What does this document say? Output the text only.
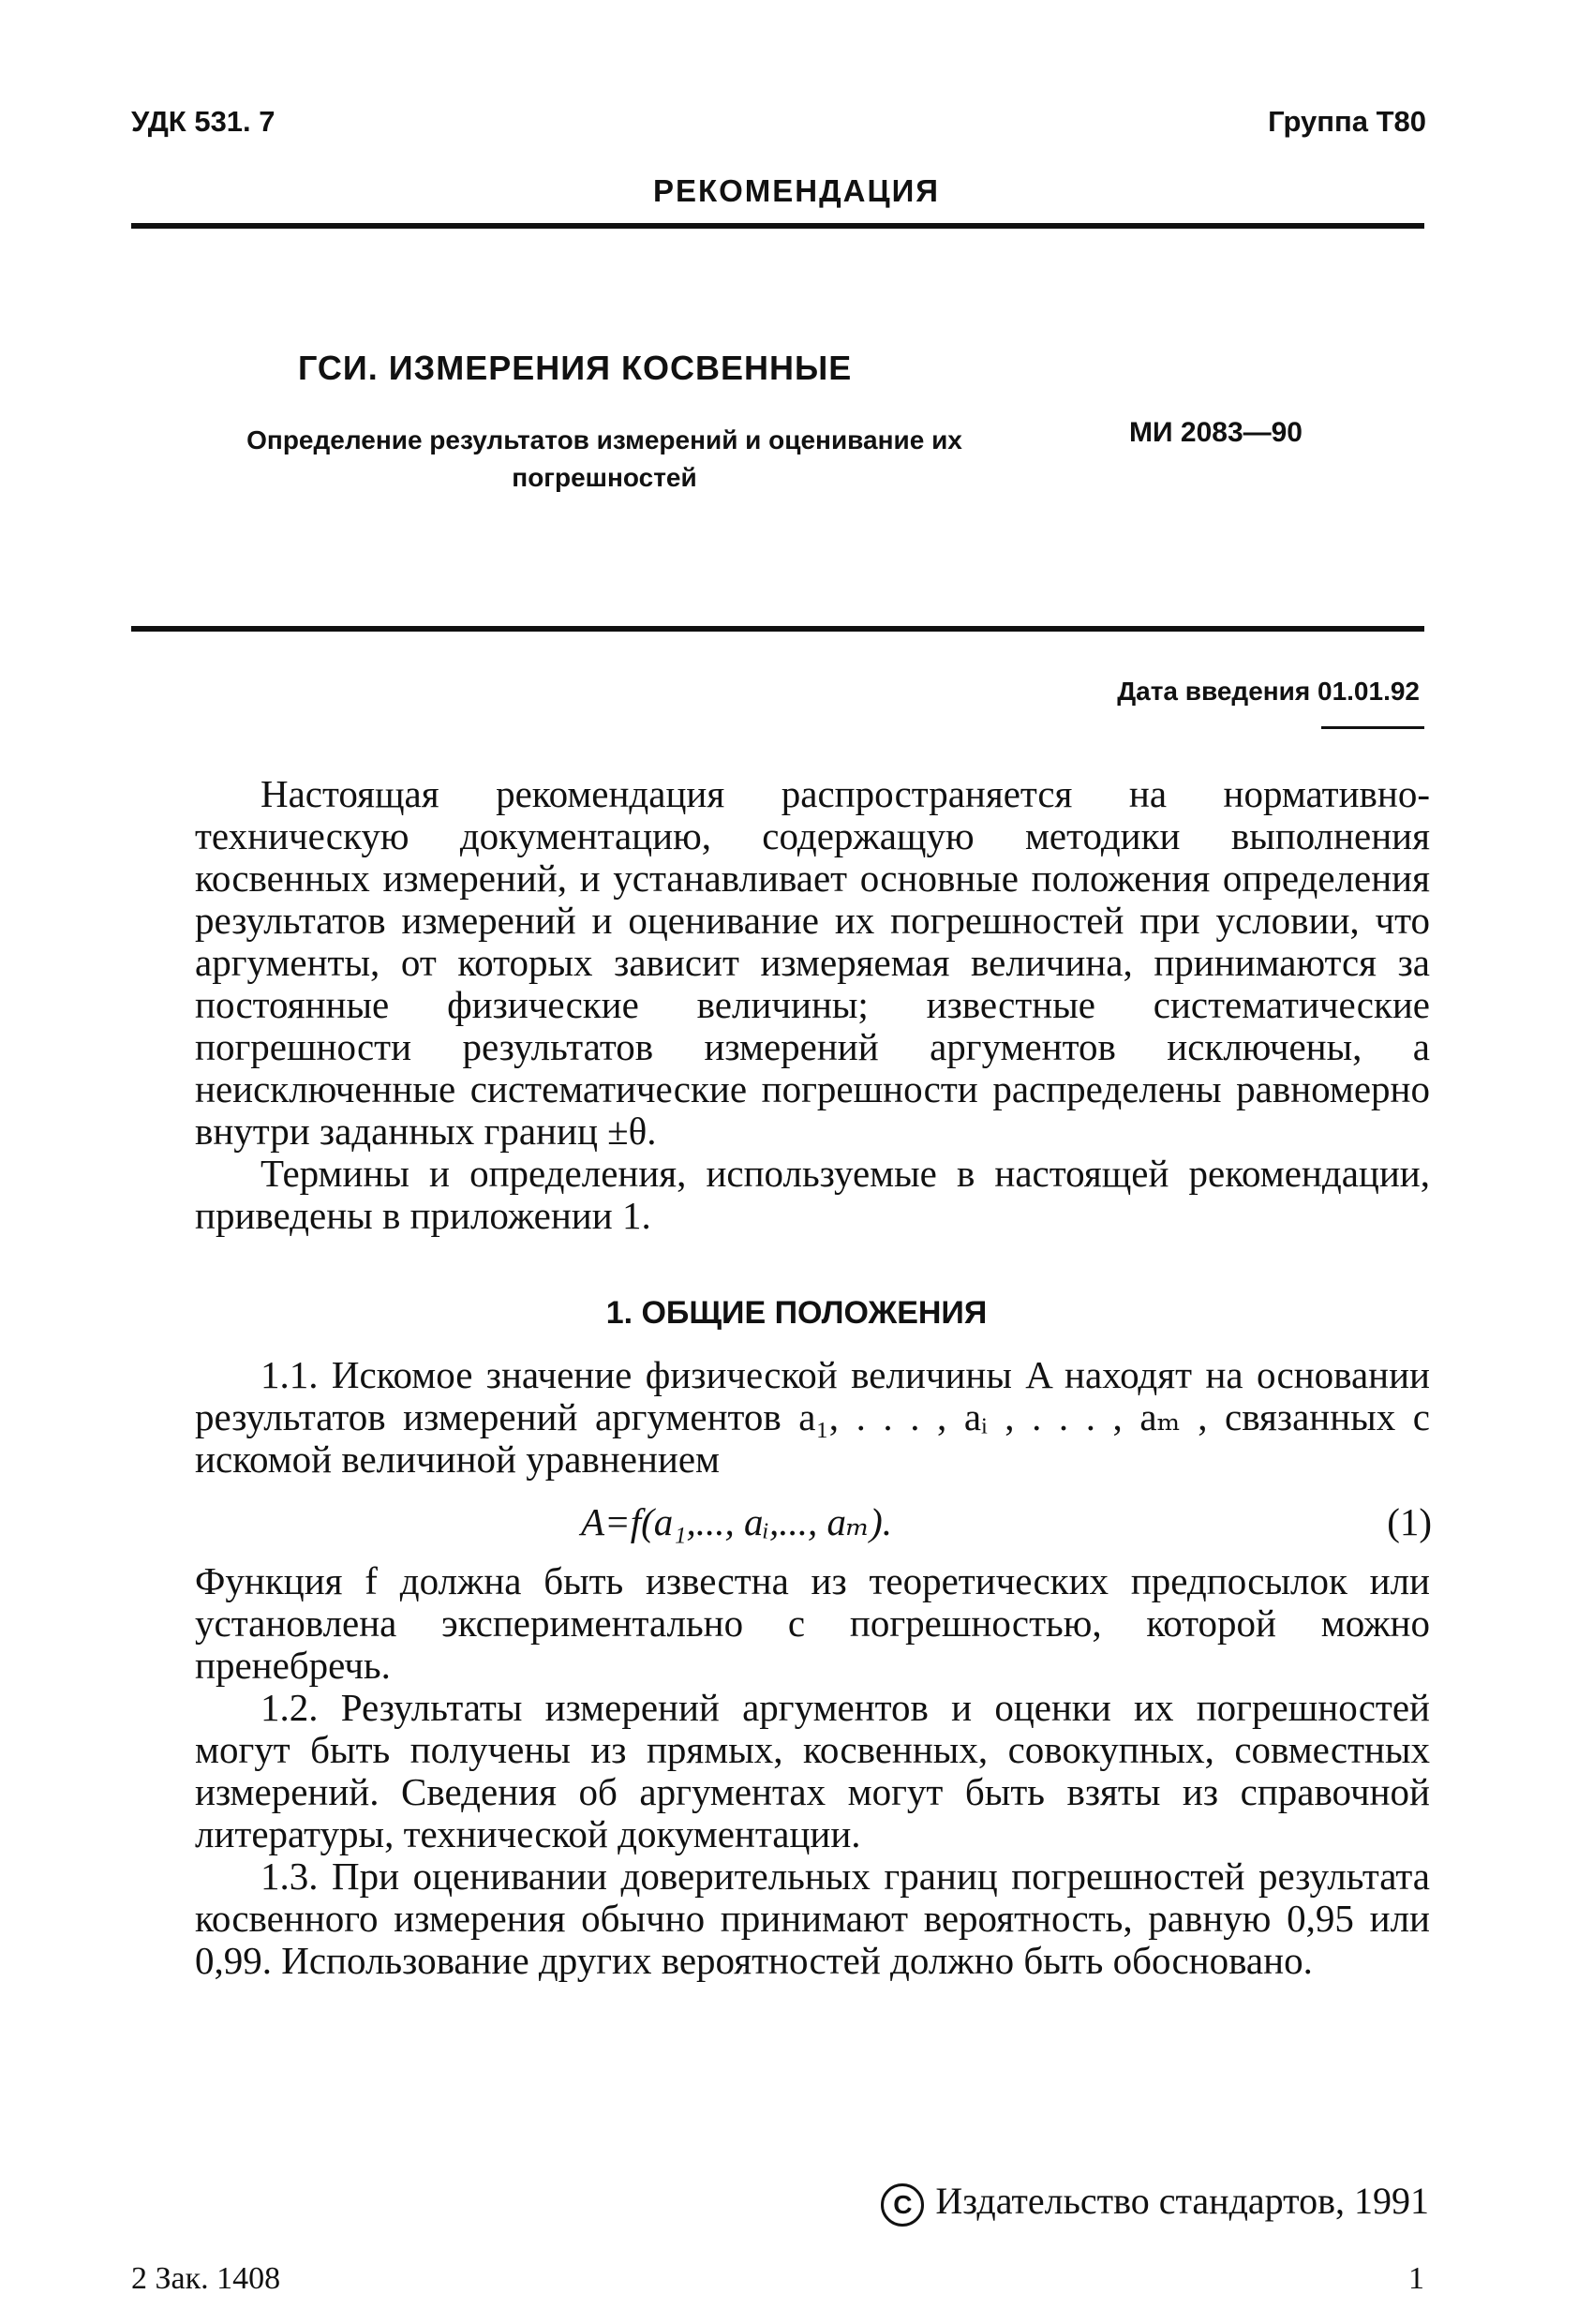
УДК 531. 7	Группа Т80
РЕКОМЕНДАЦИЯ
ГСИ. ИЗМЕРЕНИЯ КОСВЕННЫЕ
Определение результатов измерений и оценивание их
погрешностей
МИ 2083—90
Дата введения 01.01.92

Настоящая рекомендация распространяется на нормативно-техническую документацию, содержащую методики выполнения косвенных измерений, и устанавливает основные положения определения результатов измерений и оценивание их погрешностей при условии, что аргументы, от которых зависит измеряемая величина, принимаются за постоянные физические величины; известные систематические погрешности результатов измерений аргументов исключены, а неисключенные систематические погрешности распределены равномерно внутри заданных границ ±θ.

Термины и определения, используемые в настоящей рекомендации, приведены в приложении 1.

1. ОБЩИЕ ПОЛОЖЕНИЯ

1.1. Искомое значение физической величины A находят на основании результатов измерений аргументов a₁, . . . , aᵢ , . . . , aₘ , связанных с искомой величиной уравнением

A=f(a₁,..., aᵢ,..., aₘ).	(1)

Функция f должна быть известна из теоретических предпосылок или установлена экспериментально с погрешностью, которой можно пренебречь.

1.2. Результаты измерений аргументов и оценки их погрешностей могут быть получены из прямых, косвенных, совокупных, совместных измерений. Сведения об аргументах могут быть взяты из справочной литературы, технической документации.

1.3. При оценивании доверительных границ погрешностей результата косвенного измерения обычно принимают вероятность, равную 0,95 или 0,99. Использование других вероятностей должно быть обосновано.

C Издательство стандартов, 1991
2 Зак. 1408	1
